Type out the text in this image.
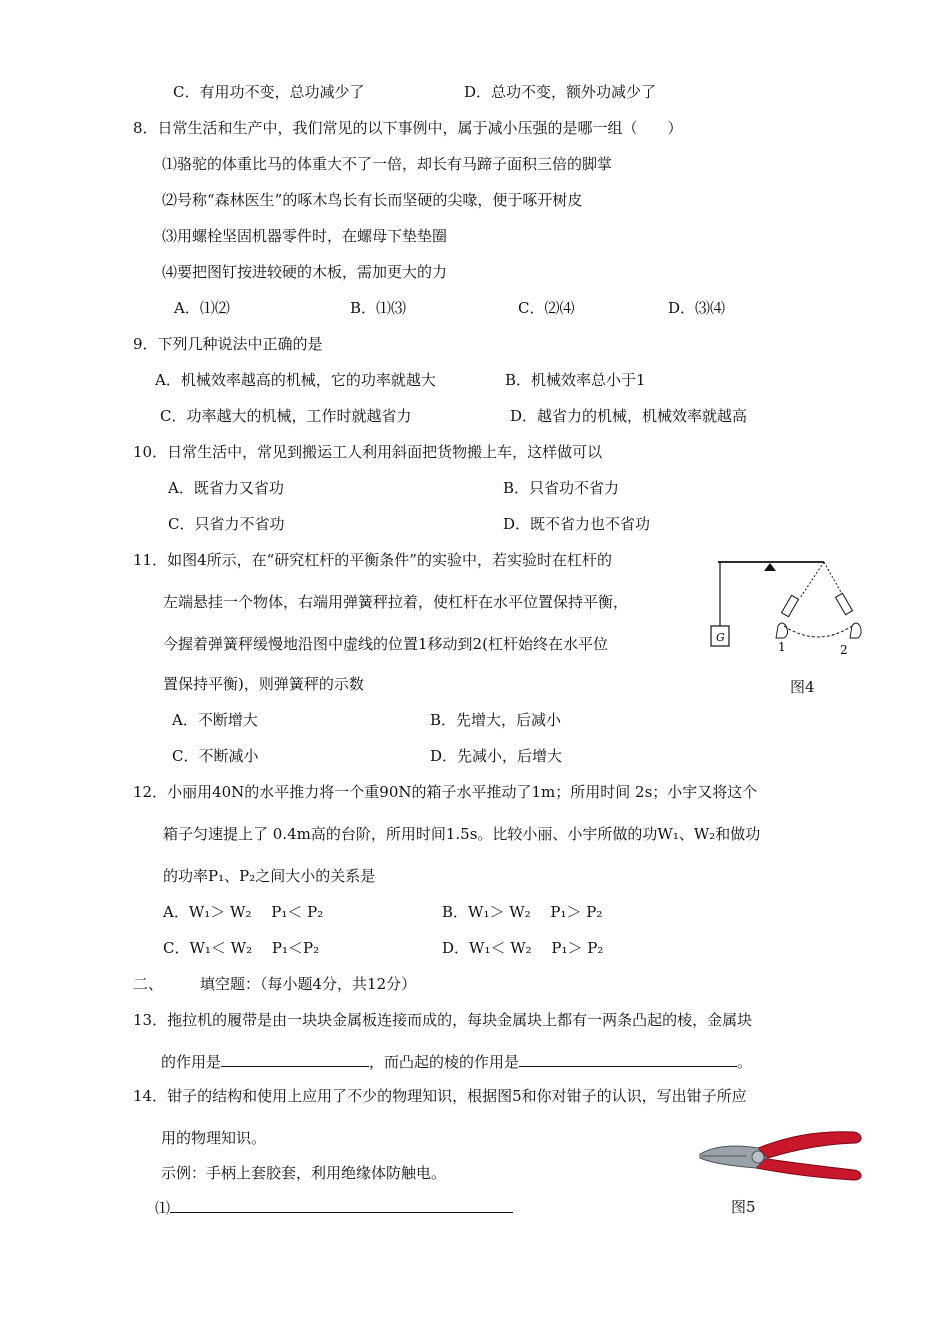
C．有用功不变，总功减少了	D．总功不变，额外功减少了
8．日常生活和生产中，我们常见的以下事例中，属于减小压强的是哪一组（　　）
⑴骆驼的体重比马的体重大不了一倍，却长有马蹄子面积三倍的脚掌
⑵号称“森林医生”的啄木鸟长有长而坚硬的尖喙，便于啄开树皮
⑶用螺栓坚固机器零件时，在螺母下垫垫圈
⑷要把图钉按进较硬的木板，需加更大的力
A．⑴⑵	B．⑴⑶	C．⑵⑷	D．⑶⑷
9．下列几种说法中正确的是
A．机械效率越高的机械，它的功率就越大	B．机械效率总小于1
C．功率越大的机械，工作时就越省力	D．越省力的机械，机械效率就越高
10．日常生活中，常见到搬运工人利用斜面把货物搬上车，这样做可以
A．既省力又省功	B．只省功不省力
C．只省力不省功	D．既不省力也不省功
11．如图4所示，在“研究杠杆的平衡条件”的实验中，若实验时在杠杆的
左端悬挂一个物体，右端用弹簧秤拉着，使杠杆在水平位置保持平衡，
今握着弹簧秤缓慢地沿图中虚线的位置1移动到2(杠杆始终在水平位
置保持平衡)，则弹簧秤的示数
G
1	2
图4
A．不断增大	B．先增大，后减小
C．不断减小	D．先减小，后增大
12．小丽用40N的水平推力将一个重90N的箱子水平推动了1m；所用时间 2s；小宇又将这个
箱子匀速提上了 0.4m高的台阶，所用时间1.5s。比较小丽、小宇所做的功W₁、W₂和做功
的功率P₁、P₂之间大小的关系是
A．W₁＞ W₂　 P₁＜ P₂	B．W₁＞ W₂　 P₁＞ P₂
C．W₁＜ W₂　 P₁＜P₂	D．W₁＜ W₂　 P₁＞ P₂
二、 填空题：（每小题4分，共12分）
13．拖拉机的履带是由一块块金属板连接而成的，每块金属块上都有一两条凸起的棱，金属块
的作用是	，而凸起的棱的作用是	。
14．钳子的结构和使用上应用了不少的物理知识，根据图5和你对钳子的认识，写出钳子所应
用的物理知识。
示例：手柄上套胶套，利用绝缘体防触电。
⑴	图5
